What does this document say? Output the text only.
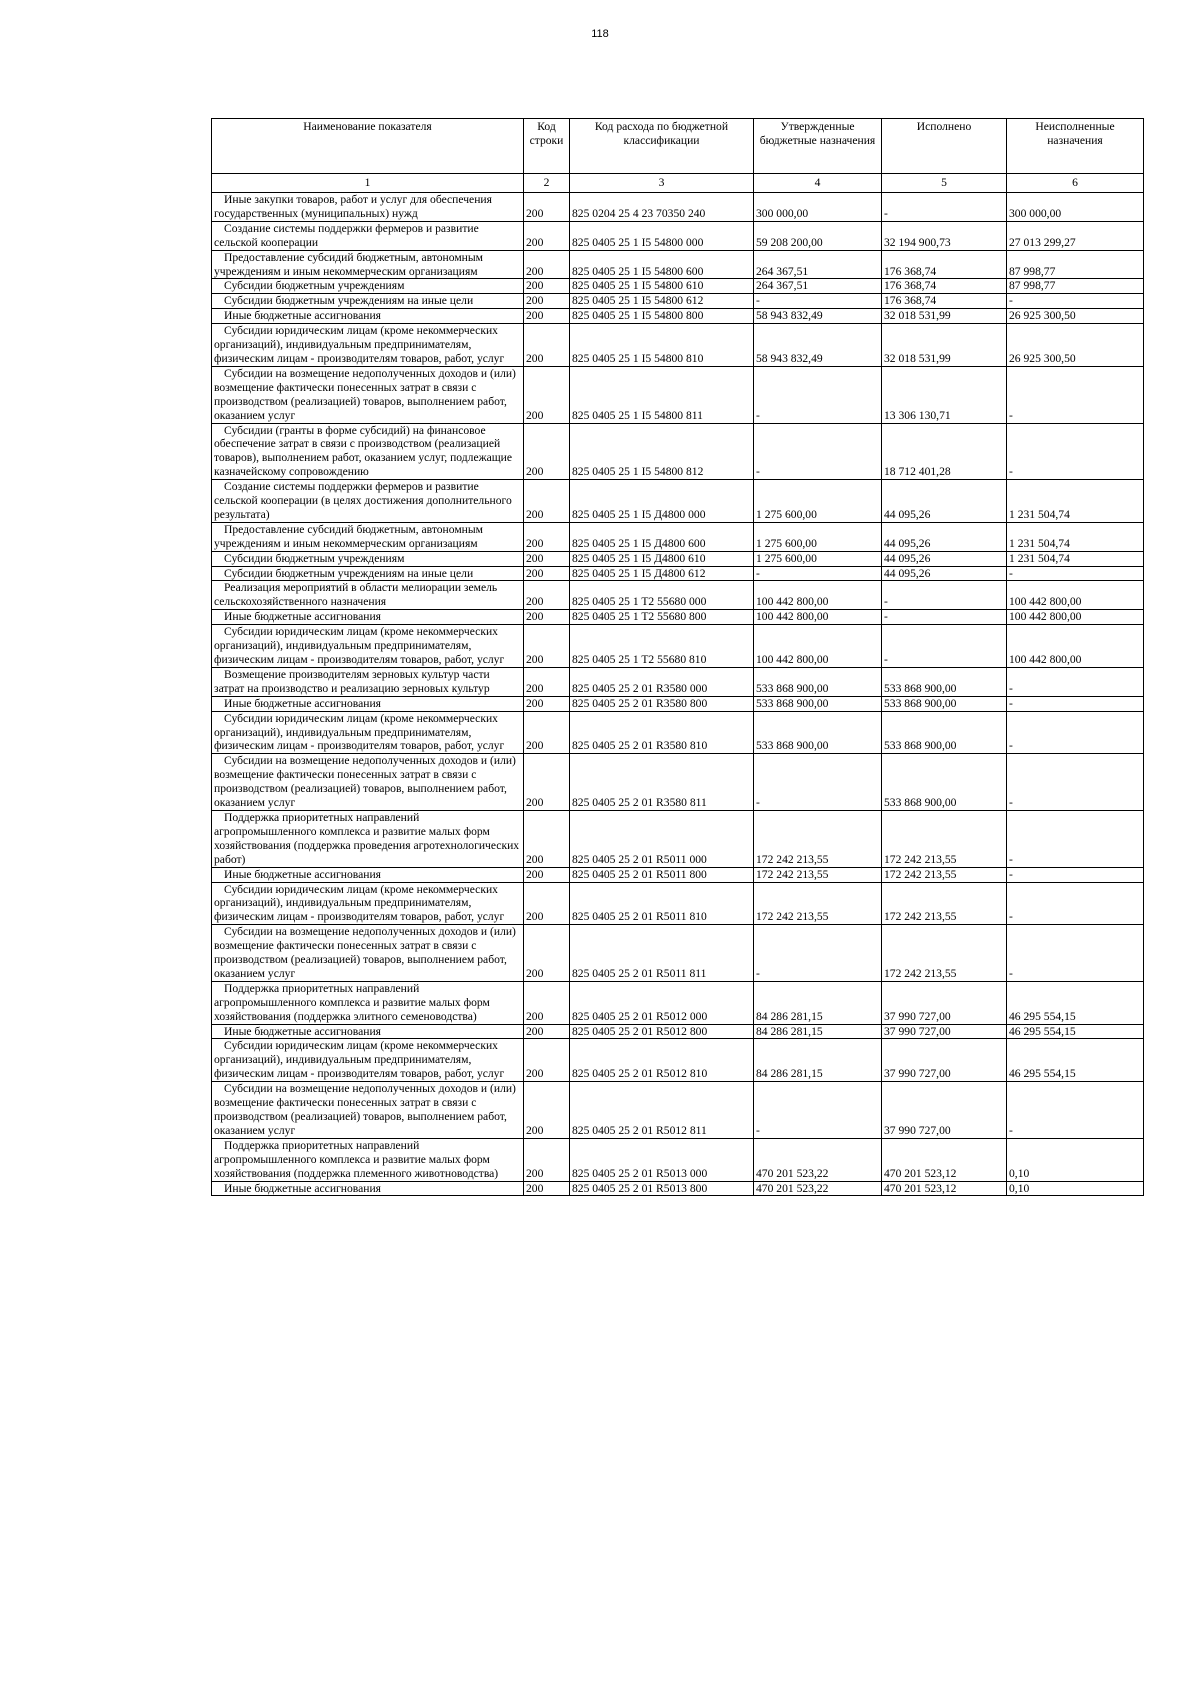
118
Наименование показателя	Код строки	Код расхода по бюджетной классификации	Утвержденные бюджетные назначения	Исполнено	Неисполненные назначения
1	2	3	4	5	6
Иные закупки товаров, работ и услуг для обеспечения государственных (муниципальных) нужд	200	825 0204 25 4 23 70350 240	300 000,00	-	300 000,00
Создание системы поддержки фермеров и развитие сельской кооперации	200	825 0405 25 1 I5 54800 000	59 208 200,00	32 194 900,73	27 013 299,27
Предоставление субсидий бюджетным, автономным учреждениям и иным некоммерческим организациям	200	825 0405 25 1 I5 54800 600	264 367,51	176 368,74	87 998,77
Субсидии бюджетным учреждениям	200	825 0405 25 1 I5 54800 610	264 367,51	176 368,74	87 998,77
Субсидии бюджетным учреждениям на иные цели	200	825 0405 25 1 I5 54800 612	-	176 368,74	-
Иные бюджетные ассигнования	200	825 0405 25 1 I5 54800 800	58 943 832,49	32 018 531,99	26 925 300,50
Субсидии юридическим лицам (кроме некоммерческих организаций), индивидуальным предпринимателям, физическим лицам - производителям товаров, работ, услуг	200	825 0405 25 1 I5 54800 810	58 943 832,49	32 018 531,99	26 925 300,50
Субсидии на возмещение недополученных доходов и (или) возмещение фактически понесенных затрат в связи с производством (реализацией) товаров, выполнением работ, оказанием услуг	200	825 0405 25 1 I5 54800 811	-	13 306 130,71	-
Субсидии (гранты в форме субсидий) на финансовое обеспечение затрат в связи с производством (реализацией товаров), выполнением работ, оказанием услуг, подлежащие казначейскому сопровождению	200	825 0405 25 1 I5 54800 812	-	18 712 401,28	-
Создание системы поддержки фермеров и развитие сельской кооперации (в целях достижения дополнительного результата)	200	825 0405 25 1 I5 Д4800 000	1 275 600,00	44 095,26	1 231 504,74
Предоставление субсидий бюджетным, автономным учреждениям и иным некоммерческим организациям	200	825 0405 25 1 I5 Д4800 600	1 275 600,00	44 095,26	1 231 504,74
Субсидии бюджетным учреждениям	200	825 0405 25 1 I5 Д4800 610	1 275 600,00	44 095,26	1 231 504,74
Субсидии бюджетным учреждениям на иные цели	200	825 0405 25 1 I5 Д4800 612	-	44 095,26	-
Реализация мероприятий в области мелиорации земель сельскохозяйственного назначения	200	825 0405 25 1 T2 55680 000	100 442 800,00	-	100 442 800,00
Иные бюджетные ассигнования	200	825 0405 25 1 T2 55680 800	100 442 800,00	-	100 442 800,00
Субсидии юридическим лицам (кроме некоммерческих организаций), индивидуальным предпринимателям, физическим лицам - производителям товаров, работ, услуг	200	825 0405 25 1 T2 55680 810	100 442 800,00	-	100 442 800,00
Возмещение производителям зерновых культур части затрат на производство и реализацию зерновых культур	200	825 0405 25 2 01 R3580 000	533 868 900,00	533 868 900,00	-
Иные бюджетные ассигнования	200	825 0405 25 2 01 R3580 800	533 868 900,00	533 868 900,00	-
Субсидии юридическим лицам (кроме некоммерческих организаций), индивидуальным предпринимателям, физическим лицам - производителям товаров, работ, услуг	200	825 0405 25 2 01 R3580 810	533 868 900,00	533 868 900,00	-
Субсидии на возмещение недополученных доходов и (или) возмещение фактически понесенных затрат в связи с производством (реализацией) товаров, выполнением работ, оказанием услуг	200	825 0405 25 2 01 R3580 811	-	533 868 900,00	-
Поддержка приоритетных направлений агропромышленного комплекса и развитие малых форм хозяйствования (поддержка проведения агротехнологических работ)	200	825 0405 25 2 01 R5011 000	172 242 213,55	172 242 213,55	-
Иные бюджетные ассигнования	200	825 0405 25 2 01 R5011 800	172 242 213,55	172 242 213,55	-
Субсидии юридическим лицам (кроме некоммерческих организаций), индивидуальным предпринимателям, физическим лицам - производителям товаров, работ, услуг	200	825 0405 25 2 01 R5011 810	172 242 213,55	172 242 213,55	-
Субсидии на возмещение недополученных доходов и (или) возмещение фактически понесенных затрат в связи с производством (реализацией) товаров, выполнением работ, оказанием услуг	200	825 0405 25 2 01 R5011 811	-	172 242 213,55	-
Поддержка приоритетных направлений агропромышленного комплекса и развитие малых форм хозяйствования (поддержка элитного семеноводства)	200	825 0405 25 2 01 R5012 000	84 286 281,15	37 990 727,00	46 295 554,15
Иные бюджетные ассигнования	200	825 0405 25 2 01 R5012 800	84 286 281,15	37 990 727,00	46 295 554,15
Субсидии юридическим лицам (кроме некоммерческих организаций), индивидуальным предпринимателям, физическим лицам - производителям товаров, работ, услуг	200	825 0405 25 2 01 R5012 810	84 286 281,15	37 990 727,00	46 295 554,15
Субсидии на возмещение недополученных доходов и (или) возмещение фактически понесенных затрат в связи с производством (реализацией) товаров, выполнением работ, оказанием услуг	200	825 0405 25 2 01 R5012 811	-	37 990 727,00	-
Поддержка приоритетных направлений агропромышленного комплекса и развитие малых форм хозяйствования (поддержка племенного животноводства)	200	825 0405 25 2 01 R5013 000	470 201 523,22	470 201 523,12	0,10
Иные бюджетные ассигнования	200	825 0405 25 2 01 R5013 800	470 201 523,22	470 201 523,12	0,10
